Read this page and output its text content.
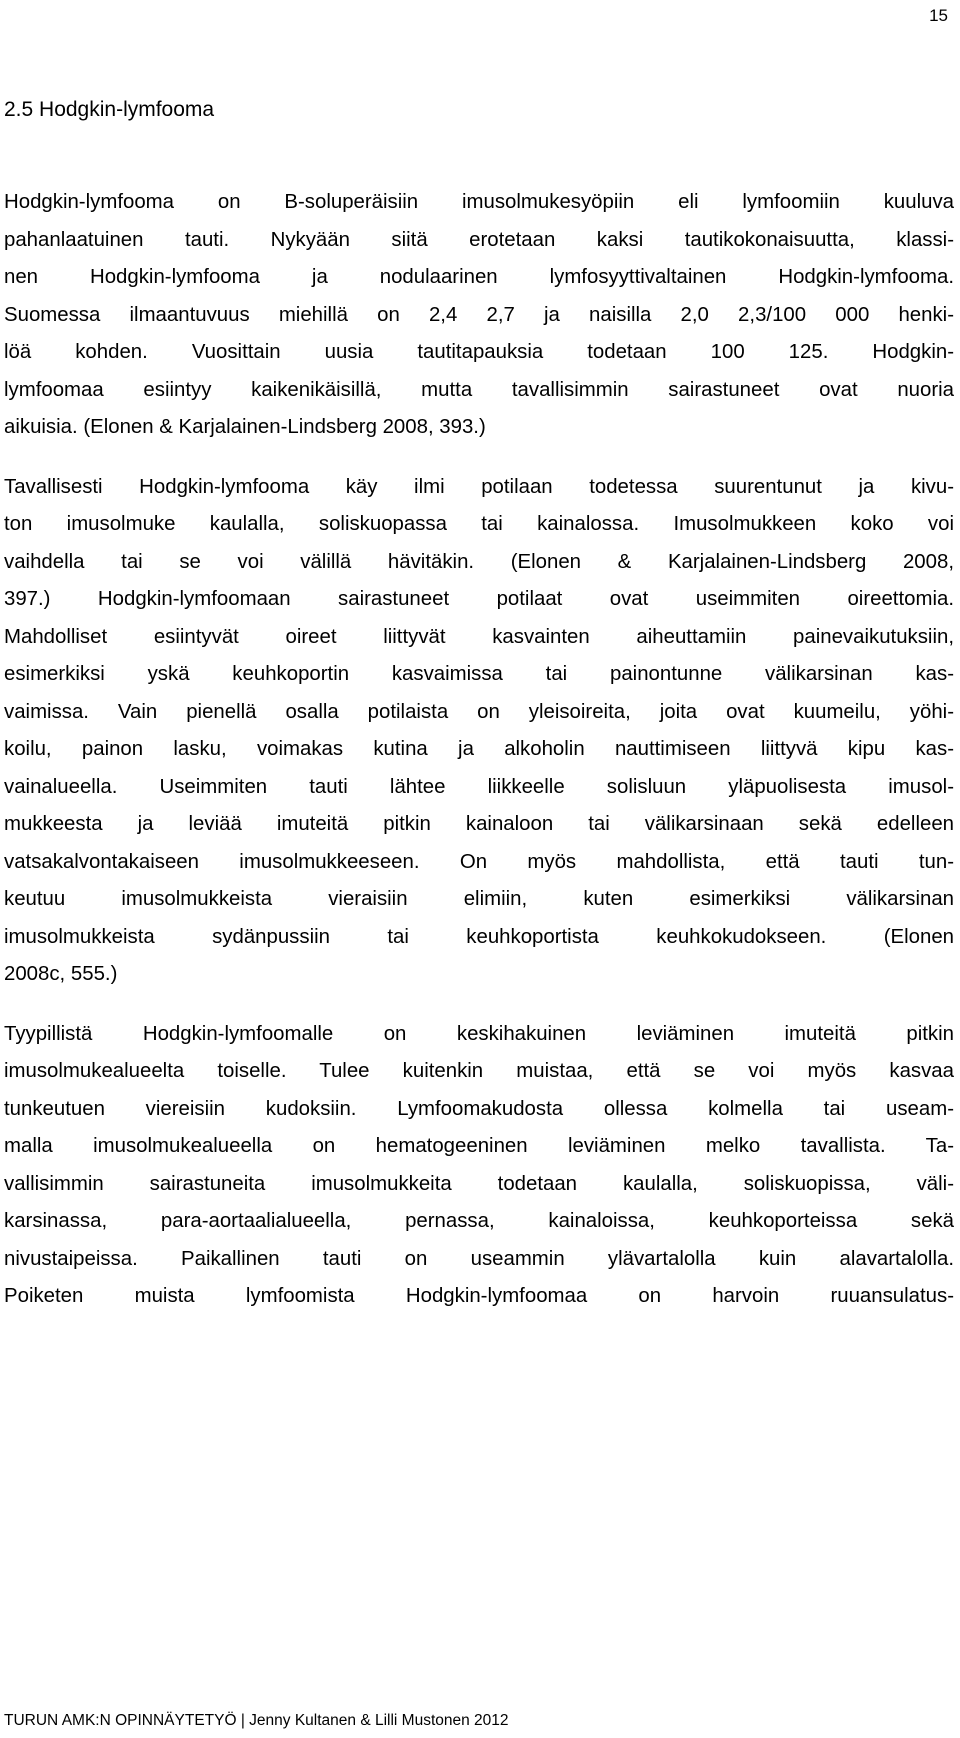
15
2.5 Hodgkin-lymfooma
Hodgkin-lymfooma on B-soluperäisiin imusolmukesyöpiin eli lymfoomiin kuuluva
pahanlaatuinen tauti. Nykyään siitä erotetaan kaksi tautikokonaisuutta, klassi-
nen Hodgkin-lymfooma ja nodulaarinen lymfosyyttivaltainen Hodgkin-lymfooma.
Suomessa ilmaantuvuus miehillä on 2,4 2,7 ja naisilla 2,0 2,3/100 000 henki-
löä kohden. Vuosittain uusia tautitapauksia todetaan 100 125. Hodgkin-
lymfoomaa esiintyy kaikenikäisillä, mutta tavallisimmin sairastuneet ovat nuoria
aikuisia. (Elonen & Karjalainen-Lindsberg 2008, 393.)
Tavallisesti Hodgkin-lymfooma käy ilmi potilaan todetessa suurentunut ja kivu-
ton imusolmuke kaulalla, soliskuopassa tai kainalossa. Imusolmukkeen koko voi
vaihdella tai se voi välillä hävitäkin. (Elonen & Karjalainen-Lindsberg 2008,
397.) Hodgkin-lymfoomaan sairastuneet potilaat ovat useimmiten oireettomia.
Mahdolliset esiintyvät oireet liittyvät kasvainten aiheuttamiin painevaikutuksiin,
esimerkiksi yskä keuhkoportin kasvaimissa tai painontunne välikarsinan kas-
vaimissa. Vain pienellä osalla potilaista on yleisoireita, joita ovat kuumeilu, yöhi-
koilu, painon lasku, voimakas kutina ja alkoholin nauttimiseen liittyvä kipu kas-
vainalueella. Useimmiten tauti lähtee liikkeelle solisluun yläpuolisesta imusol-
mukkeesta ja leviää imuteitä pitkin kainaloon tai välikarsinaan sekä edelleen
vatsakalvontakaiseen imusolmukkeeseen. On myös mahdollista, että tauti tun-
keutuu imusolmukkeista vieraisiin elimiin, kuten esimerkiksi välikarsinan
imusolmukkeista sydänpussiin tai keuhkoportista keuhkokudokseen. (Elonen
2008c, 555.)
Tyypillistä Hodgkin-lymfoomalle on keskihakuinen leviäminen imuteitä pitkin
imusolmukealueelta toiselle. Tulee kuitenkin muistaa, että se voi myös kasvaa
tunkeutuen viereisiin kudoksiin. Lymfoomakudosta ollessa kolmella tai useam-
malla imusolmukealueella on hematogeeninen leviäminen melko tavallista. Ta-
vallisimmin sairastuneita imusolmukkeita todetaan kaulalla, soliskuopissa, väli-
karsinassa, para-aortaalialueella, pernassa, kainaloissa, keuhkoporteissa sekä
nivustaipeissa. Paikallinen tauti on useammin ylävartalolla kuin alavartalolla.
Poiketen muista lymfoomista Hodgkin-lymfoomaa on harvoin ruuansulatus-
TURUN AMK:N OPINNÄYTETYÖ | Jenny Kultanen & Lilli Mustonen 2012
